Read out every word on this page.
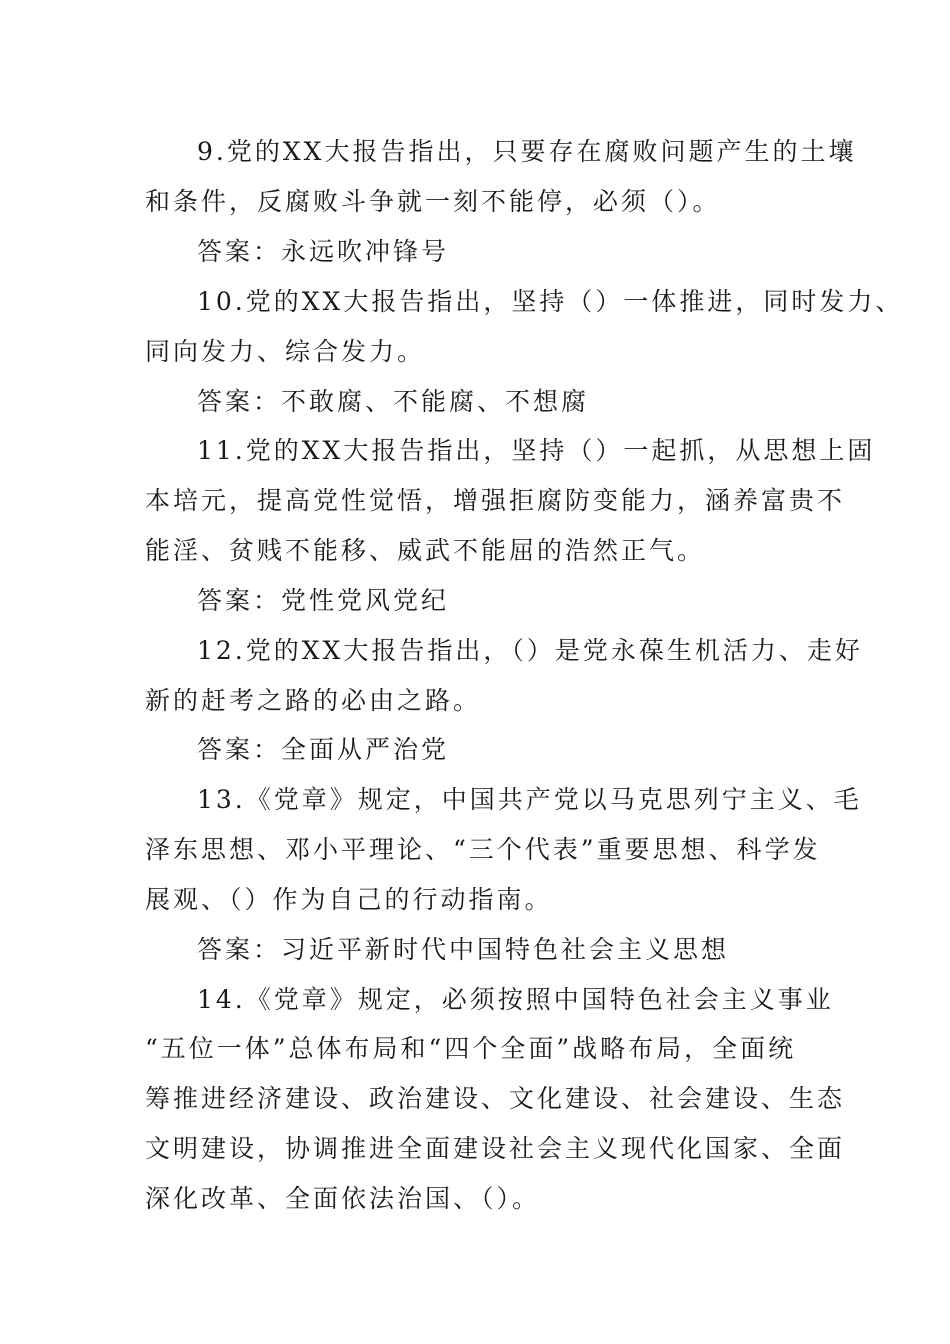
9.党的XX大报告指出，只要存在腐败问题产生的土壤
和条件，反腐败斗争就一刻不能停，必须（）。
答案：永远吹冲锋号
10.党的XX大报告指出，坚持（）一体推进，同时发力、
同向发力、综合发力。
答案：不敢腐、不能腐、不想腐
11.党的XX大报告指出，坚持（）一起抓，从思想上固
本培元，提高党性觉悟，增强拒腐防变能力，涵养富贵不
能淫、贫贱不能移、威武不能屈的浩然正气。
答案：党性党风党纪
12.党的XX大报告指出，（）是党永葆生机活力、走好
新的赶考之路的必由之路。
答案：全面从严治党
13.《党章》规定，中国共产党以马克思列宁主义、毛
泽东思想、邓小平理论、“三个代表”重要思想、科学发
展观、（）作为自己的行动指南。
答案：习近平新时代中国特色社会主义思想
14.《党章》规定，必须按照中国特色社会主义事业
“五位一体”总体布局和“四个全面”战略布局，全面统
筹推进经济建设、政治建设、文化建设、社会建设、生态
文明建设，协调推进全面建设社会主义现代化国家、全面
深化改革、全面依法治国、（）。
